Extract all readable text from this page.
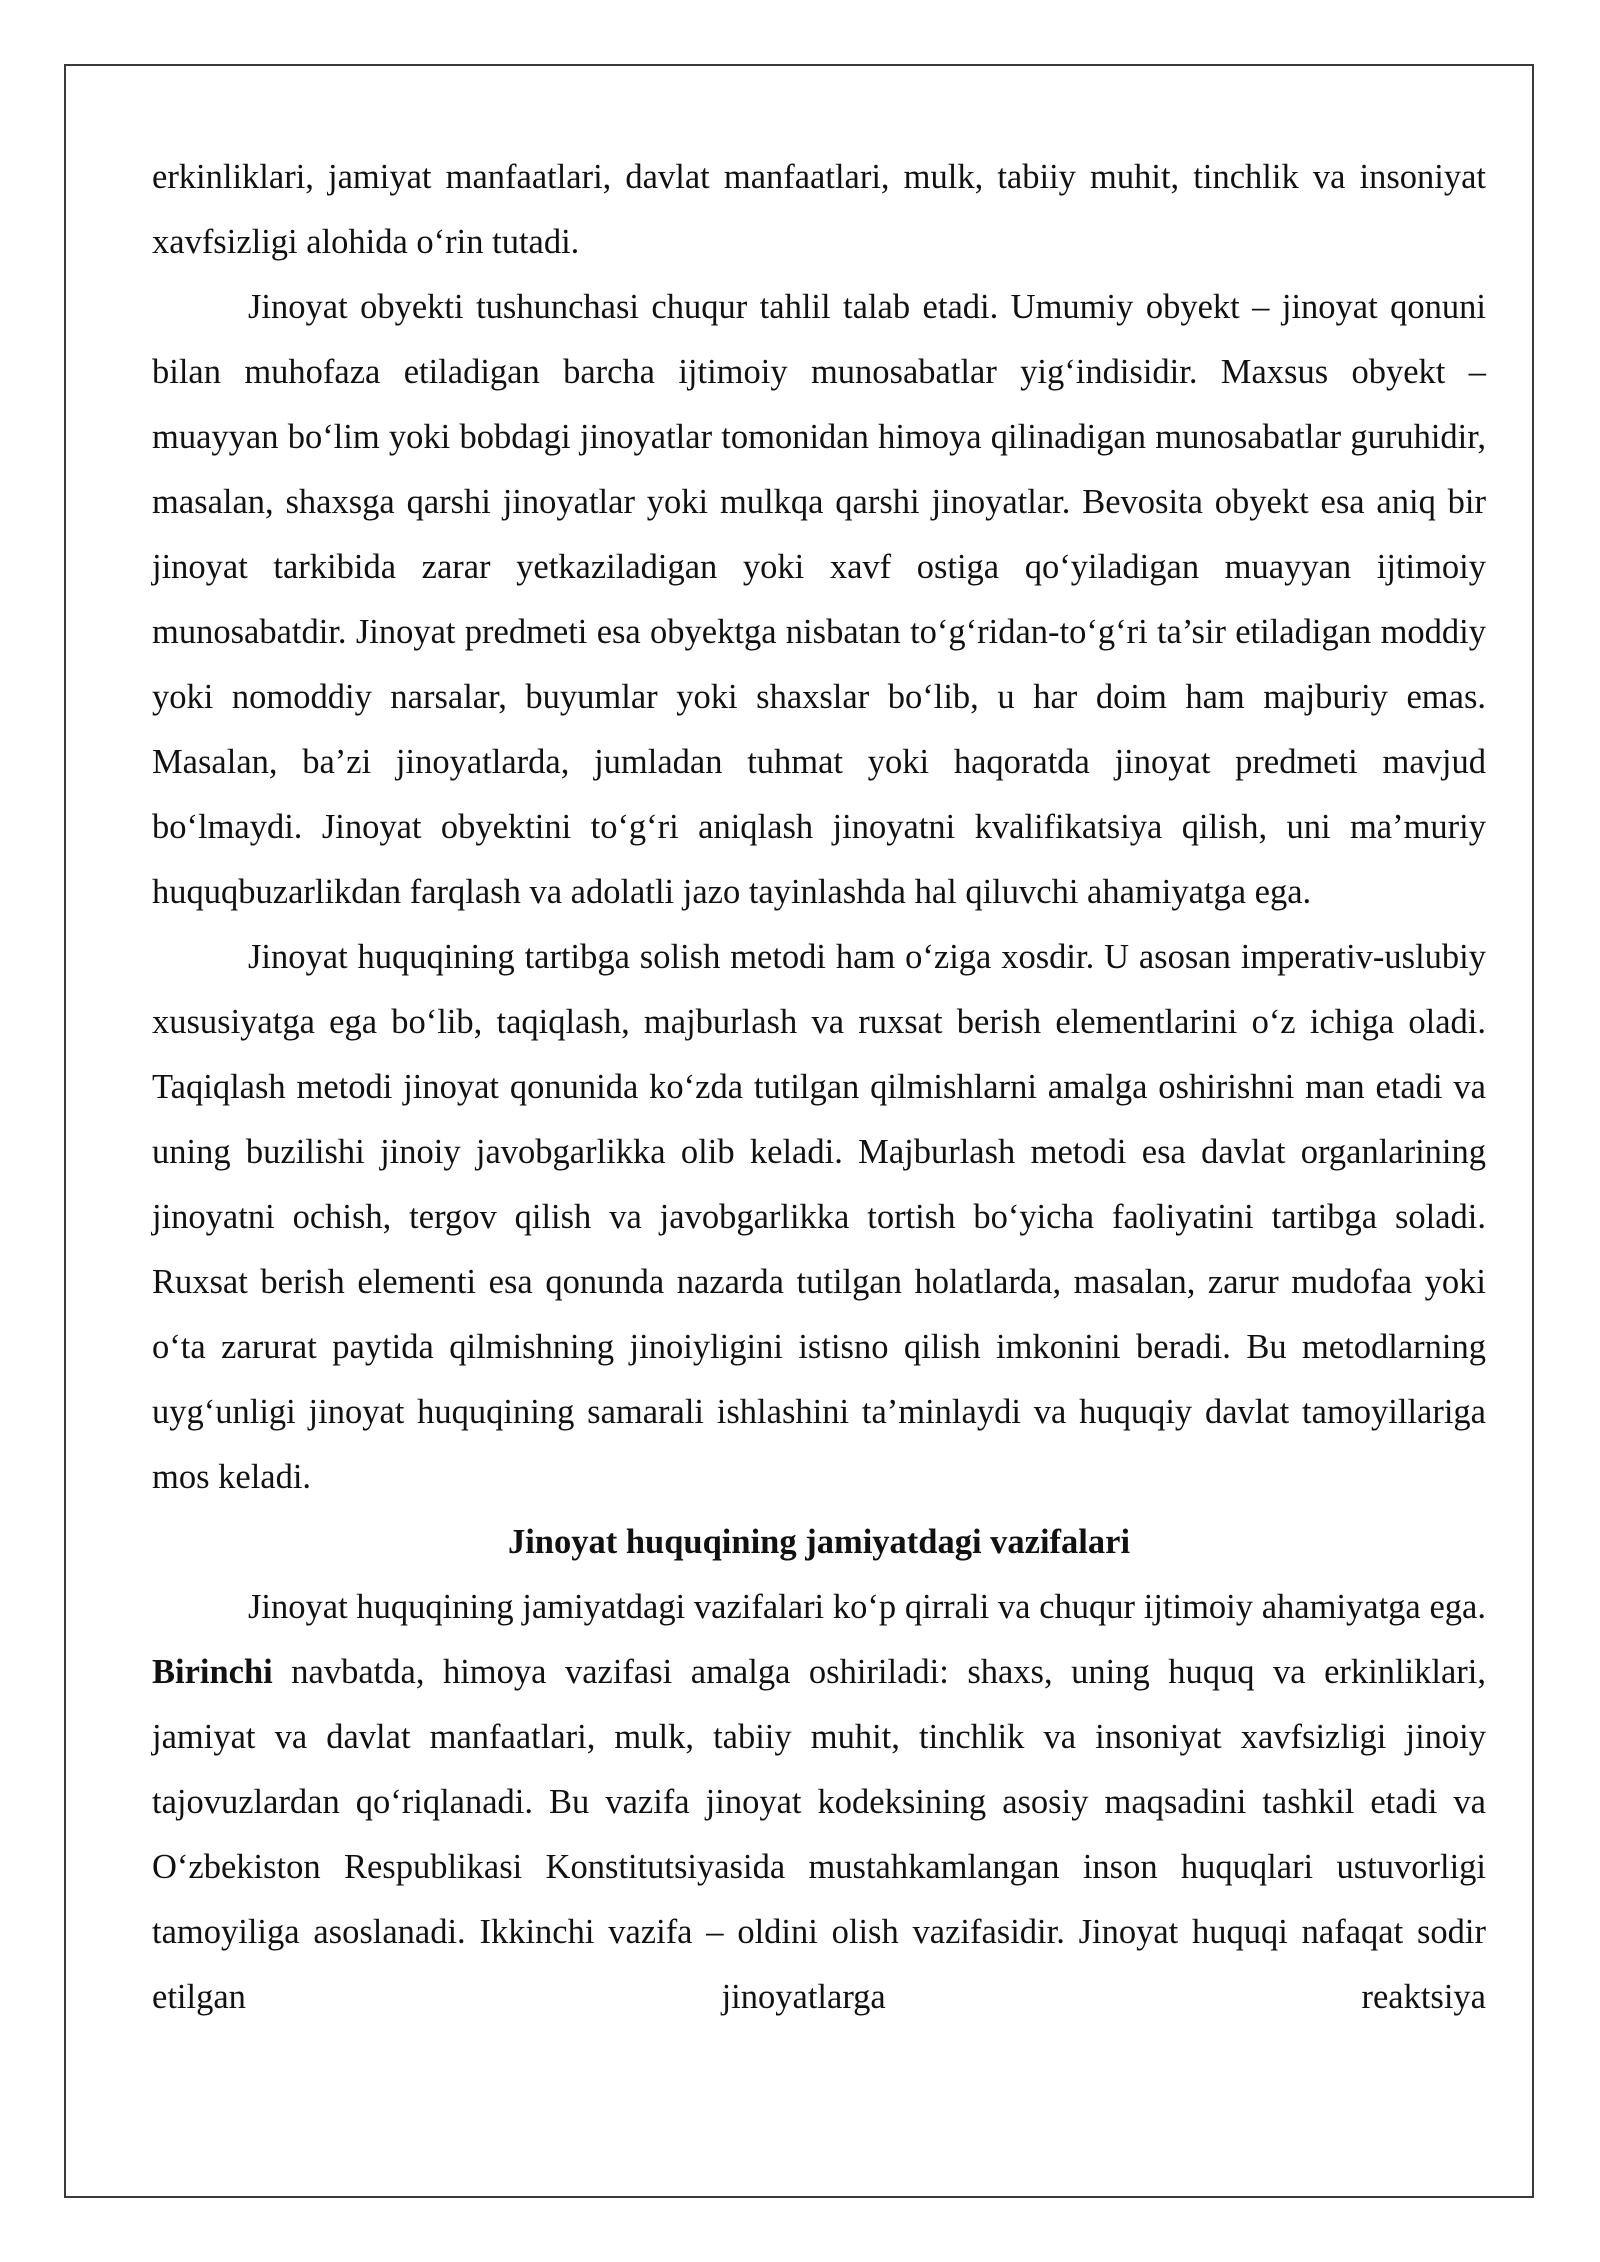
erkinliklari, jamiyat manfaatlari, davlat manfaatlari, mulk, tabiiy muhit, tinchlik va insoniyat xavfsizligi alohida o‘rin tutadi.

Jinoyat obyekti tushunchasi chuqur tahlil talab etadi. Umumiy obyekt – jinoyat qonuni bilan muhofaza etiladigan barcha ijtimoiy munosabatlar yig‘indisidir. Maxsus obyekt – muayyan bo‘lim yoki bobdagi jinoyatlar tomonidan himoya qilinadigan munosabatlar guruhidir, masalan, shaxsga qarshi jinoyatlar yoki mulkqa qarshi jinoyatlar. Bevosita obyekt esa aniq bir jinoyat tarkibida zarar yetkaziladigan yoki xavf ostiga qo‘yiladigan muayyan ijtimoiy munosabatdir. Jinoyat predmeti esa obyektga nisbatan to‘g‘ridan-to‘g‘ri ta’sir etiladigan moddiy yoki nomoddiy narsalar, buyumlar yoki shaxslar bo‘lib, u har doim ham majburiy emas. Masalan, ba’zi jinoyatlarda, jumladan tuhmat yoki haqoratda jinoyat predmeti mavjud bo‘lmaydi. Jinoyat obyektini to‘g‘ri aniqlash jinoyatni kvalifikatsiya qilish, uni ma’muriy huquqbuzarlikdan farqlash va adolatli jazo tayinlashda hal qiluvchi ahamiyatga ega.

Jinoyat huquqining tartibga solish metodi ham o‘ziga xosdir. U asosan imperativ-uslubiy xususiyatga ega bo‘lib, taqiqlash, majburlash va ruxsat berish elementlarini o‘z ichiga oladi. Taqiqlash metodi jinoyat qonunida ko‘zda tutilgan qilmishlarni amalga oshirishni man etadi va uning buzilishi jinoiy javobgarlikka olib keladi. Majburlash metodi esa davlat organlarining jinoyatni ochish, tergov qilish va javobgarlikka tortish bo‘yicha faoliyatini tartibga soladi. Ruxsat berish elementi esa qonunda nazarda tutilgan holatlarda, masalan, zarur mudofaa yoki o‘ta zarurat paytida qilmishning jinoiyligini istisno qilish imkonini beradi. Bu metodlarning uyg‘unligi jinoyat huquqining samarali ishlashini ta’minlaydi va huquqiy davlat tamoyillariga mos keladi.

Jinoyat huquqining jamiyatdagi vazifalari

Jinoyat huquqining jamiyatdagi vazifalari ko‘p qirrali va chuqur ijtimoiy ahamiyatga ega. Birinchi navbatda, himoya vazifasi amalga oshiriladi: shaxs, uning huquq va erkinliklari, jamiyat va davlat manfaatlari, mulk, tabiiy muhit, tinchlik va insoniyat xavfsizligi jinoiy tajovuzlardan qo‘riqlanadi. Bu vazifa jinoyat kodeksining asosiy maqsadini tashkil etadi va O‘zbekiston Respublikasi Konstitutsiyasida mustahkamlangan inson huquqlari ustuvorligi tamoyiliga asoslanadi. Ikkinchi vazifa – oldini olish vazifasidir. Jinoyat huquqi nafaqat sodir etilgan jinoyatlarga reaktsiya
